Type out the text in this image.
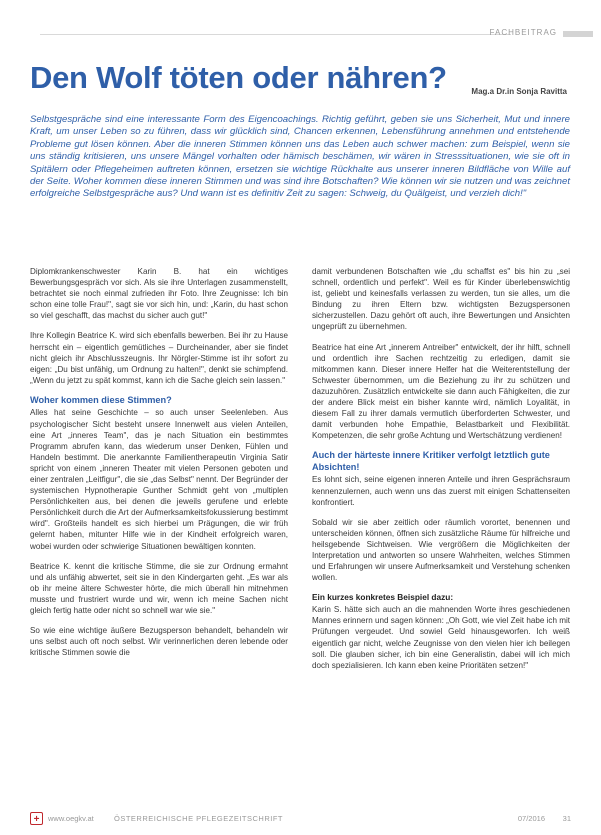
FACHBEITRAG
Den Wolf töten oder nähren?	Mag.a Dr.in Sonja Ravitta

Selbstgespräche sind eine interessante Form des Eigencoachings. Richtig geführt, geben sie uns Sicherheit, Mut und innere Kraft, um unser Leben so zu führen, dass wir glücklich sind, Chancen erkennen, Lebensführung annehmen und entstehende Probleme gut lösen können. Aber die inneren Stimmen können uns das Leben auch schwer machen: zum Beispiel, wenn sie uns ständig kritisieren, uns unsere Mängel vorhalten oder hämisch beschämen, wir wären in Stresssituationen, wie sie oft in Spitälern oder Pflegeheimen auftreten können, ersetzen sie wichtige Rückhalte aus unserer inneren Bildfläche von Wille auf der Seite. Woher kommen diese inneren Stimmen und was sind ihre Botschaften? Wie können wir sie nutzen und was zeichnet erfolgreiche Selbstgespräche aus? Und wann ist es definitiv Zeit zu sagen: Schweig, du Quälgeist, und verzieh dich!"

Diplomkrankenschwester Karin B. hat ein wichtiges Bewerbungsgespräch vor sich. Als sie ihre Unterlagen zusammenstellt, betrachtet sie noch einmal zufrieden ihr Foto. Ihre Zeugnisse: Ich bin schon eine tolle Frau!", sagt sie vor sich hin, und: „Karin, du hast schon so viel geschafft, das machst du sicher auch gut!"

Ihre Kollegin Beatrice K. wird sich ebenfalls bewerben. Bei ihr zu Hause herrscht ein – eigentlich gemütliches – Durcheinander, aber sie findet nicht gleich ihr Abschlusszeugnis. Ihr Nörgler-Stimme ist ihr sofort zu eigen: „Du bist unfähig, um Ordnung zu halten!", denkt sie schimpfend. „Wenn du jetzt zu spät kommst, kann ich die Sache gleich sein lassen."

Woher kommen diese Stimmen?

Alles hat seine Geschichte – so auch unser Seelenleben. Aus psychologischer Sicht besteht unsere Innenwelt aus vielen Anteilen, eine Art „inneres Team", das je nach Situation ein bestimmtes Programm abrufen kann, das wiederum unser Denken, Fühlen und Handeln bestimmt. Die anerkannte Familientherapeutin Virginia Satir spricht von einem „inneren Theater mit vielen Personen geboten und einer zentralen „Leitfigur", die sie „das Selbst" nennt. Der Begründer der systemischen Hypnotherapie Gunther Schmidt geht von „multiplen Persönlichkeiten aus, bei denen die jeweils gerufene und erlebte Persönlichkeit durch die Art der Aufmerksamkeitsfokussierung bestimmt wird". Großteils handelt es sich hierbei um Prägungen, die wir früh gelernt haben, mitunter Hilfe wie in der Kindheit erfolgreich waren, wobei wurden oder schwierige Situationen bewältigen konnten.

Beatrice K. kennt die kritische Stimme, die sie zur Ordnung ermahnt und als unfähig abwertet, seit sie in den Kindergarten geht. „Es war als ob ihr meine ältere Schwester hörte, die mich überall hin mitnehmen musste und frustriert wurde und wir, wenn ich meine Sachen nicht gleich fertig hatte oder nicht so schnell war wie sie."

So wie eine wichtige äußere Bezugsperson behandelt, behandeln wir uns selbst auch oft noch selbst. Wir verinnerlichen deren lebende oder kritische Stimmen sowie die

damit verbundenen Botschaften wie „du schaffst es" bis hin zu „sei schnell, ordentlich und perfekt". Weil es für Kinder überlebenswichtig ist, geliebt und keinesfalls verlassen zu werden, tun sie alles, um die Bindung zu ihren Eltern bzw. wichtigsten Bezugspersonen sicherzustellen. Dazu gehört oft auch, ihre Bewertungen und Ansichten ungeprüft zu übernehmen.

Beatrice hat eine Art „innerem Antreiber" entwickelt, der ihr hilft, schnell und ordentlich ihre Sachen rechtzeitig zu erledigen, damit sie mitkommen kann. Dieser innere Helfer hat die Weiterentstellung der Schwester übernommen, um die Beziehung zu ihr zu schützen und dazuzuhören. Zusätzlich entwickelte sie dann auch Fähigkeiten, die zur der andere Blick meist ein bisher kannte wird, nämlich Loyalität, in diesem Fall zu ihrer damals vermutlich überforderten Schwester, und damit verbunden hohe Empathie, Belastbarkeit und Flexibilität. Kompetenzen, die sehr große Achtung und Wertschätzung verdienen!

Auch der härteste innere Kritiker verfolgt letztlich gute Absichten!

Es lohnt sich, seine eigenen inneren Anteile und ihren Gesprächsraum kennenzulernen, auch wenn uns das zuerst mit einigen Schattenseiten konfrontiert.

Sobald wir sie aber zeitlich oder räumlich vorortet, benennen und unterscheiden können, öffnen sich zusätzliche Räume für hilfreiche und heilsgebende Sichtweisen. Wie vergrößern die Möglichkeiten der Interpretation und antworten so unsere Wahrheiten, welches Stimmen und Erfahrungen wir unsere Aufmerksamkeit und Verstehung schenken wollen.

Ein kurzes konkretes Beispiel dazu:

Karin S. hätte sich auch an die mahnenden Worte ihres geschiedenen Mannes erinnern und sagen können: „Oh Gott, wie viel Zeit habe ich mit Prüfungen vergeudet. Und sowiel Geld hinausgeworfen. Ich weiß eigentlich gar nicht, welche Zeugnisse von den vielen hier ich beilegen soll. Die glauben sicher, ich bin eine Generalistin, dabei will ich mich doch spezialisieren. Ich kann eben keine Prioritäten setzen!"

+	www.oegkv.at	ÖSTERREICHISCHE PFLEGEZEITSCHRIFT	07/2016 31
